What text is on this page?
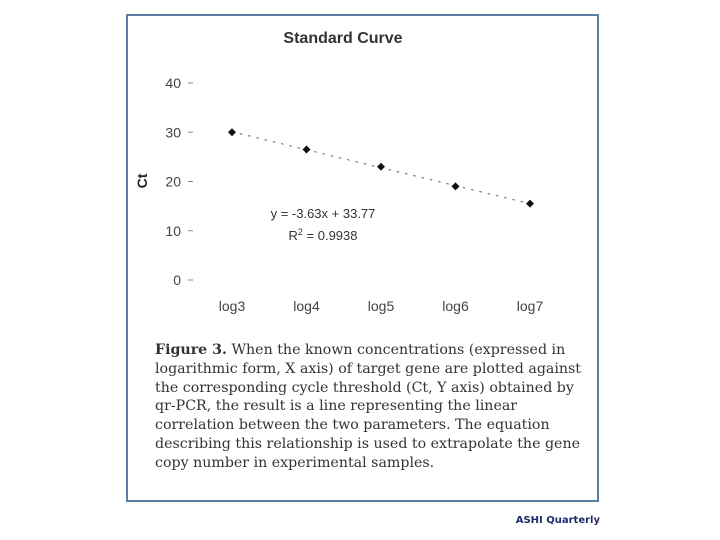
Standard Curve
Ct
0
10
20
30
40
log3	log4	log5	log6	log7
y = -3.63x + 33.77
$R^2 = 0.9938$
Figure 3. When the known concentrations (expressed in logarithmic form, X axis) of target gene are plotted against the corresponding cycle threshold (Ct, Y axis) obtained by qr-PCR, the result is a line representing the linear correlation between the two parameters. The equation describing this relationship is used to extrapolate the gene copy number in experimental samples.
ASHI Quarterly
